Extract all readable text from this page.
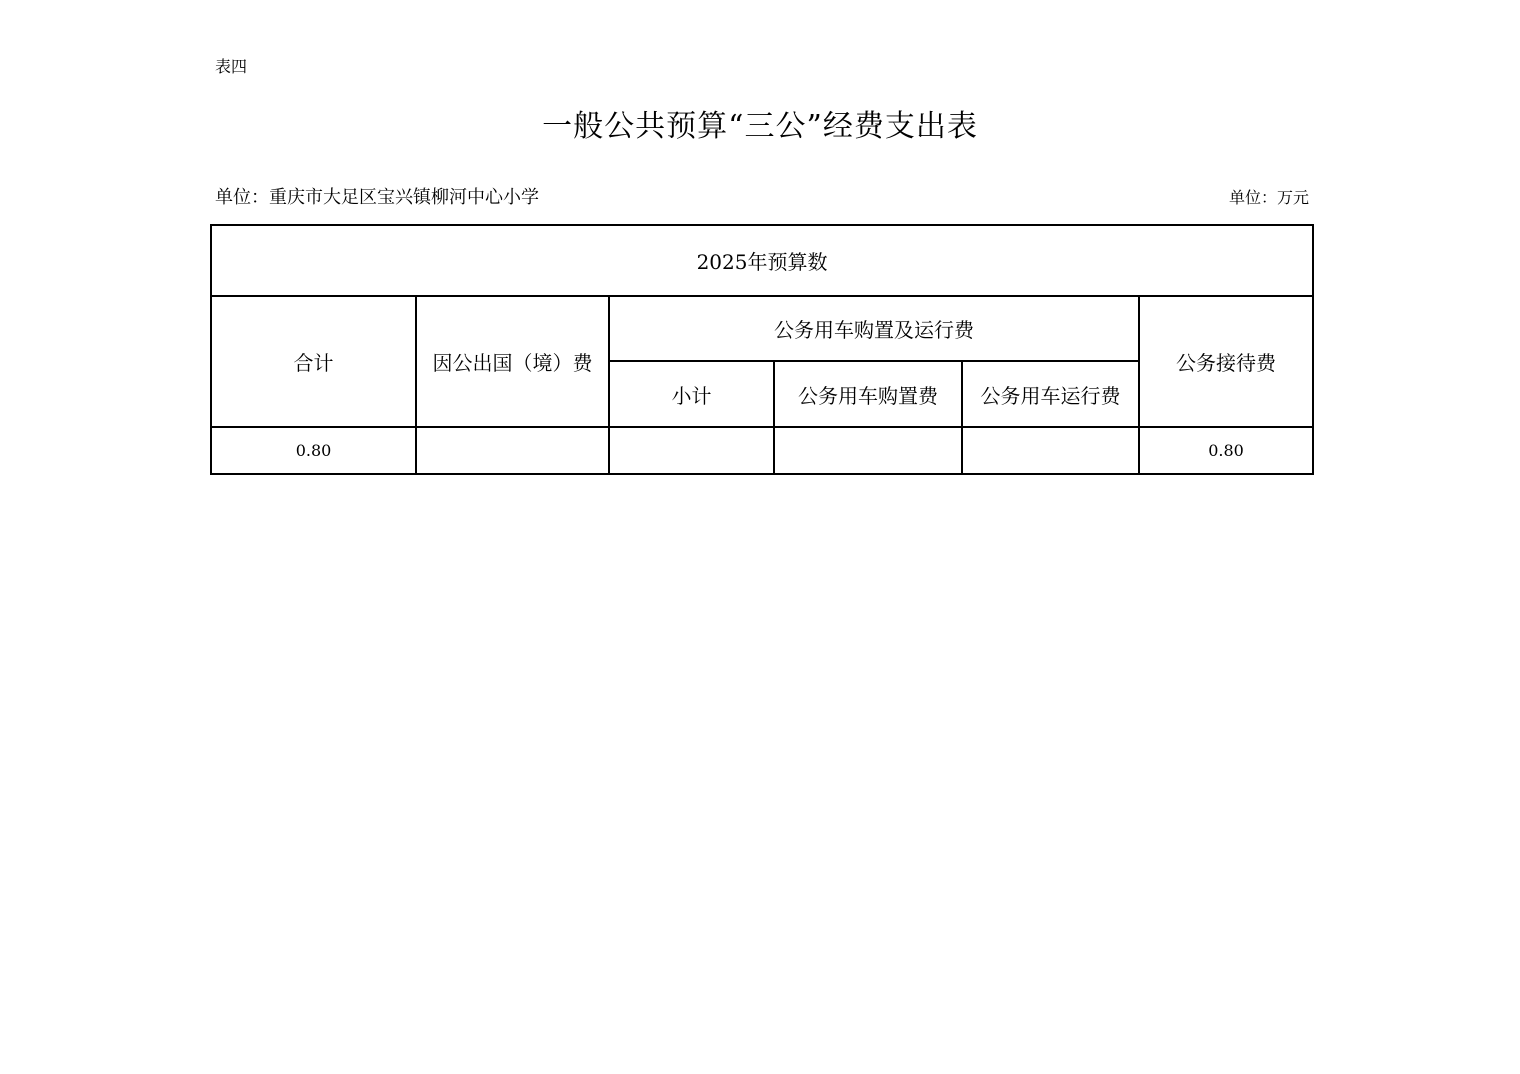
表四
一般公共预算“三公”经费支出表
单位：重庆市大足区宝兴镇柳河中心小学	单位：万元
2025年预算数					
合计	因公出国（境）费	公务用车购置及运行费			公务接待费
		小计	公务用车购置费	公务用车运行费	
0.80					0.80
